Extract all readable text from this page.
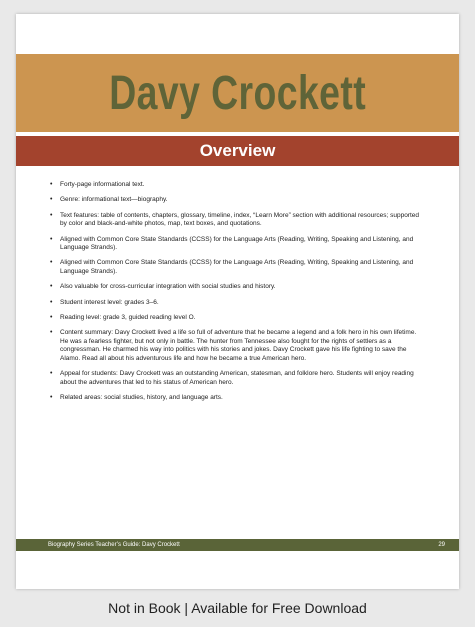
Davy Crockett
Overview
• Forty-page informational text.
• Genre: informational text—biography.
• Text features: table of contents, chapters, glossary, timeline, index, “Learn More” section with additional resources; supported by color and black-and-white photos, map, text boxes, and quotations.
• Aligned with Common Core State Standards (CCSS) for the Language Arts (Reading, Writing, Speaking and Listening, and Language Strands).
• Aligned with Common Core State Standards (CCSS) for the Language Arts (Reading, Writing, Speaking and Listening, and Language Strands).
• Also valuable for cross-curricular integration with social studies and history.
• Student interest level: grades 3–6.
• Reading level: grade 3, guided reading level O.
• Content summary: Davy Crockett lived a life so full of adventure that he became a legend and a folk hero in his own lifetime. He was a fearless fighter, but not only in battle. The hunter from Tennessee also fought for the rights of settlers as a congressman. He charmed his way into politics with his stories and jokes. Davy Crockett gave his life fighting to save the Alamo. Read all about his adventurous life and how he became a true American hero.
• Appeal for students: Davy Crockett was an outstanding American, statesman, and folklore hero. Students will enjoy reading about the adventures that led to his status of American hero.
• Related areas: social studies, history, and language arts.
Biography Series Teacher’s Guide: Davy Crockett	29
Not in Book | Available for Free Download
